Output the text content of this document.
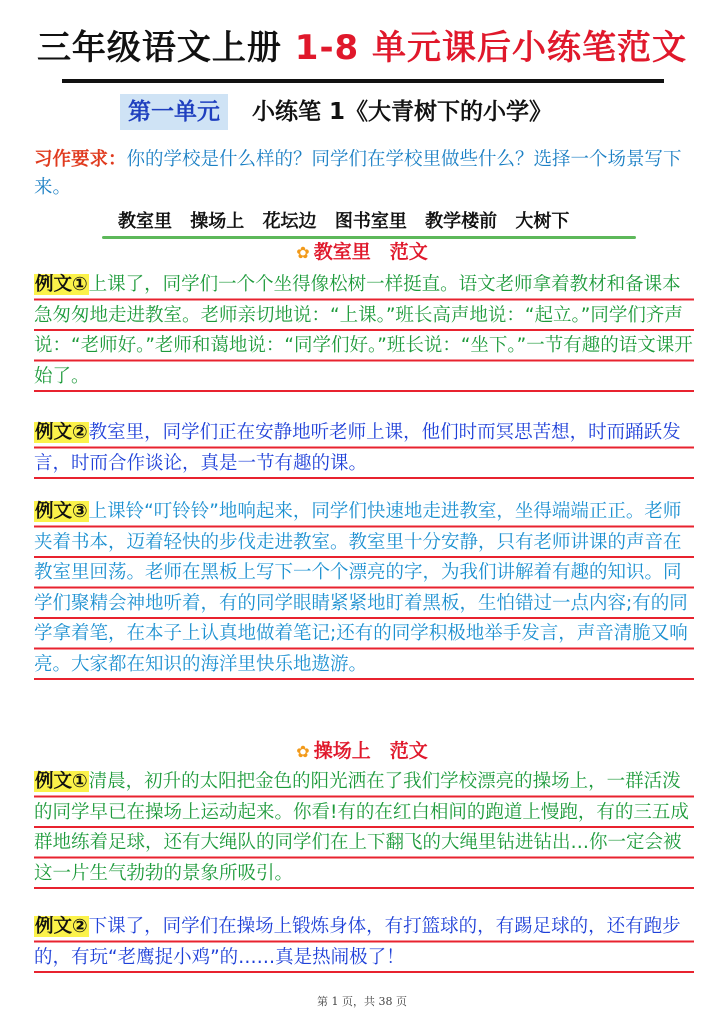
三年级语文上册 1-8 单元课后小练笔范文
第一单元	小练笔 1《大青树下的小学》
习作要求：你的学校是什么样的？同学们在学校里做些什么？选择一个场景写下来。
教室里 操场上 花坛边 图书室里 教学楼前 大树下
✿ 教室里　范文
例文①上课了，同学们一个个坐得像松树一样挺直。语文老师拿着教材和备课本急匆匆地走进教室。老师亲切地说：“上课。”班长高声地说：“起立。”同学们齐声说：“老师好。”老师和蔼地说：“同学们好。”班长说：“坐下。”一节有趣的语文课开始了。
例文②教室里，同学们正在安静地听老师上课，他们时而冥思苦想，时而踊跃发言，时而合作谈论，真是一节有趣的课。
例文③上课铃“叮铃铃”地响起来，同学们快速地走进教室，坐得端端正正。老师夹着书本，迈着轻快的步伐走进教室。教室里十分安静，只有老师讲课的声音在教室里回荡。老师在黑板上写下一个个漂亮的字，为我们讲解着有趣的知识。同学们聚精会神地听着，有的同学眼睛紧紧地盯着黑板，生怕错过一点内容;有的同学拿着笔，在本子上认真地做着笔记;还有的同学积极地举手发言，声音清脆又响亮。大家都在知识的海洋里快乐地遨游。
✿ 操场上　范文
例文①清晨，初升的太阳把金色的阳光洒在了我们学校漂亮的操场上，一群活泼的同学早已在操场上运动起来。你看!有的在红白相间的跑道上慢跑，有的三五成群地练着足球，还有大绳队的同学们在上下翻飞的大绳里钻进钻出…你一定会被这一片生气勃勃的景象所吸引。
例文②下课了，同学们在操场上锻炼身体，有打篮球的，有踢足球的，还有跑步的，有玩“老鹰捉小鸡”的……真是热闹极了！
第 1 页，共 38 页
